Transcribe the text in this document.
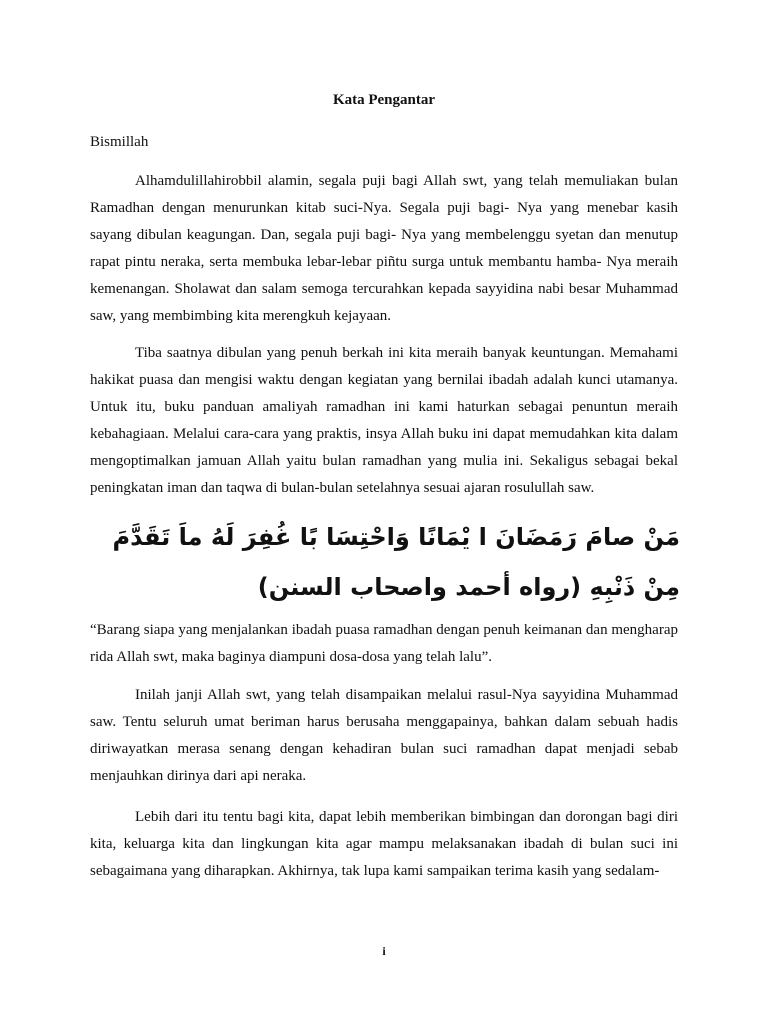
Kata Pengantar
Bismillah

Alhamdulillahirobbil alamin, segala puji bagi Allah swt, yang telah memuliakan bulan Ramadhan dengan menurunkan kitab suci-Nya. Segala puji bagi- Nya yang menebar kasih sayang dibulan keagungan. Dan, segala puji bagi- Nya yang membelenggu syetan dan menutup rapat pintu neraka, serta membuka lebar-lebar piñtu surga untuk membantu hamba- Nya meraih kemenangan. Sholawat dan salam semoga tercurahkan kepada sayyidina nabi besar Muhammad saw, yang membimbing kita merengkuh kejayaan.

Tiba saatnya dibulan yang penuh berkah ini kita meraih banyak keuntungan. Memahami hakikat puasa dan mengisi waktu dengan kegiatan yang bernilai ibadah adalah kunci utamanya. Untuk itu, buku panduan amaliyah ramadhan ini kami haturkan sebagai penuntun meraih kebahagiaan. Melalui cara-cara yang praktis, insya Allah buku ini dapat memudahkan kita dalam mengoptimalkan jamuan Allah yaitu bulan ramadhan yang mulia ini. Sekaligus sebagai bekal peningkatan iman dan taqwa di bulan-bulan setelahnya sesuai ajaran rosulullah saw.

مَنْ صامَ رَمَضَانَ ا يْمَانًا وَاحْتِسَا بًا غُفِرَ لَهُ ماَ تَقَدَّمَ مِنْ ذَنْبِهِ (رواه أحمد واصحاب السنن)

“Barang siapa yang menjalankan ibadah puasa ramadhan dengan penuh keimanan dan mengharap rida Allah swt, maka baginya diampuni dosa-dosa yang telah lalu”.

Inilah janji Allah swt, yang telah disampaikan melalui rasul-Nya sayyidina Muhammad saw. Tentu seluruh umat beriman harus berusaha menggapainya, bahkan dalam sebuah hadis diriwayatkan merasa senang dengan kehadiran bulan suci ramadhan dapat menjadi sebab menjauhkan dirinya dari api neraka.

Lebih dari itu tentu bagi kita, dapat lebih memberikan bimbingan dan dorongan bagi diri kita, keluarga kita dan lingkungan kita agar mampu melaksanakan ibadah di bulan suci ini sebagaimana yang diharapkan. Akhirnya, tak lupa kami sampaikan terima kasih yang sedalam-

i
